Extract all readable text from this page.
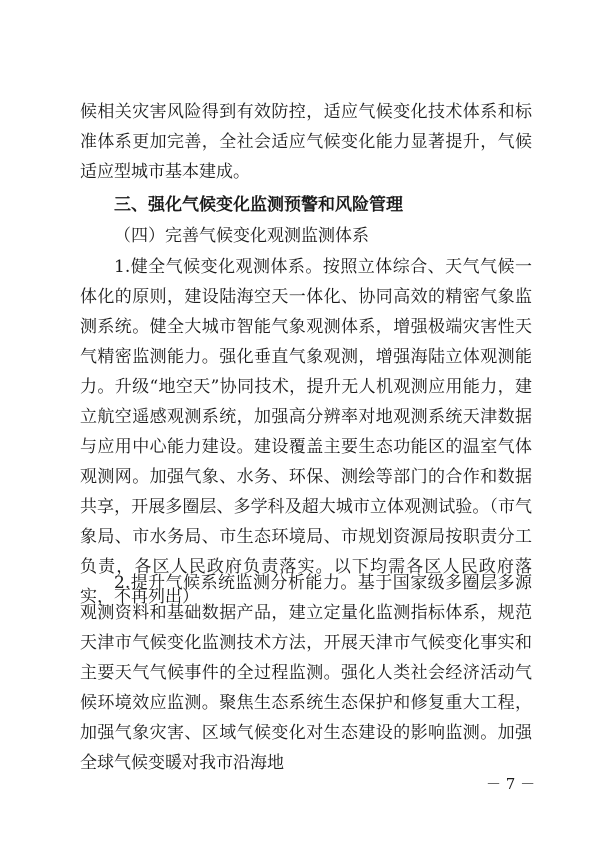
候相关灾害风险得到有效防控，适应气候变化技术体系和标准体系更加完善，全社会适应气候变化能力显著提升，气候适应型城市基本建成。

三、强化气候变化监测预警和风险管理

（四）完善气候变化观测监测体系

1.健全气候变化观测体系。按照立体综合、天气气候一体化的原则，建设陆海空天一体化、协同高效的精密气象监测系统。健全大城市智能气象观测体系，增强极端灾害性天气精密监测能力。强化垂直气象观测，增强海陆立体观测能力。升级“地空天”协同技术，提升无人机观测应用能力，建立航空遥感观测系统，加强高分辨率对地观测系统天津数据与应用中心能力建设。建设覆盖主要生态功能区的温室气体观测网。加强气象、水务、环保、测绘等部门的合作和数据共享，开展多圈层、多学科及超大城市立体观测试验。（市气象局、市水务局、市生态环境局、市规划资源局按职责分工负责，各区人民政府负责落实。以下均需各区人民政府落实，不再列出）

2.提升气候系统监测分析能力。基于国家级多圈层多源观测资料和基础数据产品，建立定量化监测指标体系，规范天津市气候变化监测技术方法，开展天津市气候变化事实和主要天气气候事件的全过程监测。强化人类社会经济活动气候环境效应监测。聚焦生态系统生态保护和修复重大工程，加强气象灾害、区域气候变化对生态建设的影响监测。加强全球气候变暖对我市沿海地

－ 7 －
